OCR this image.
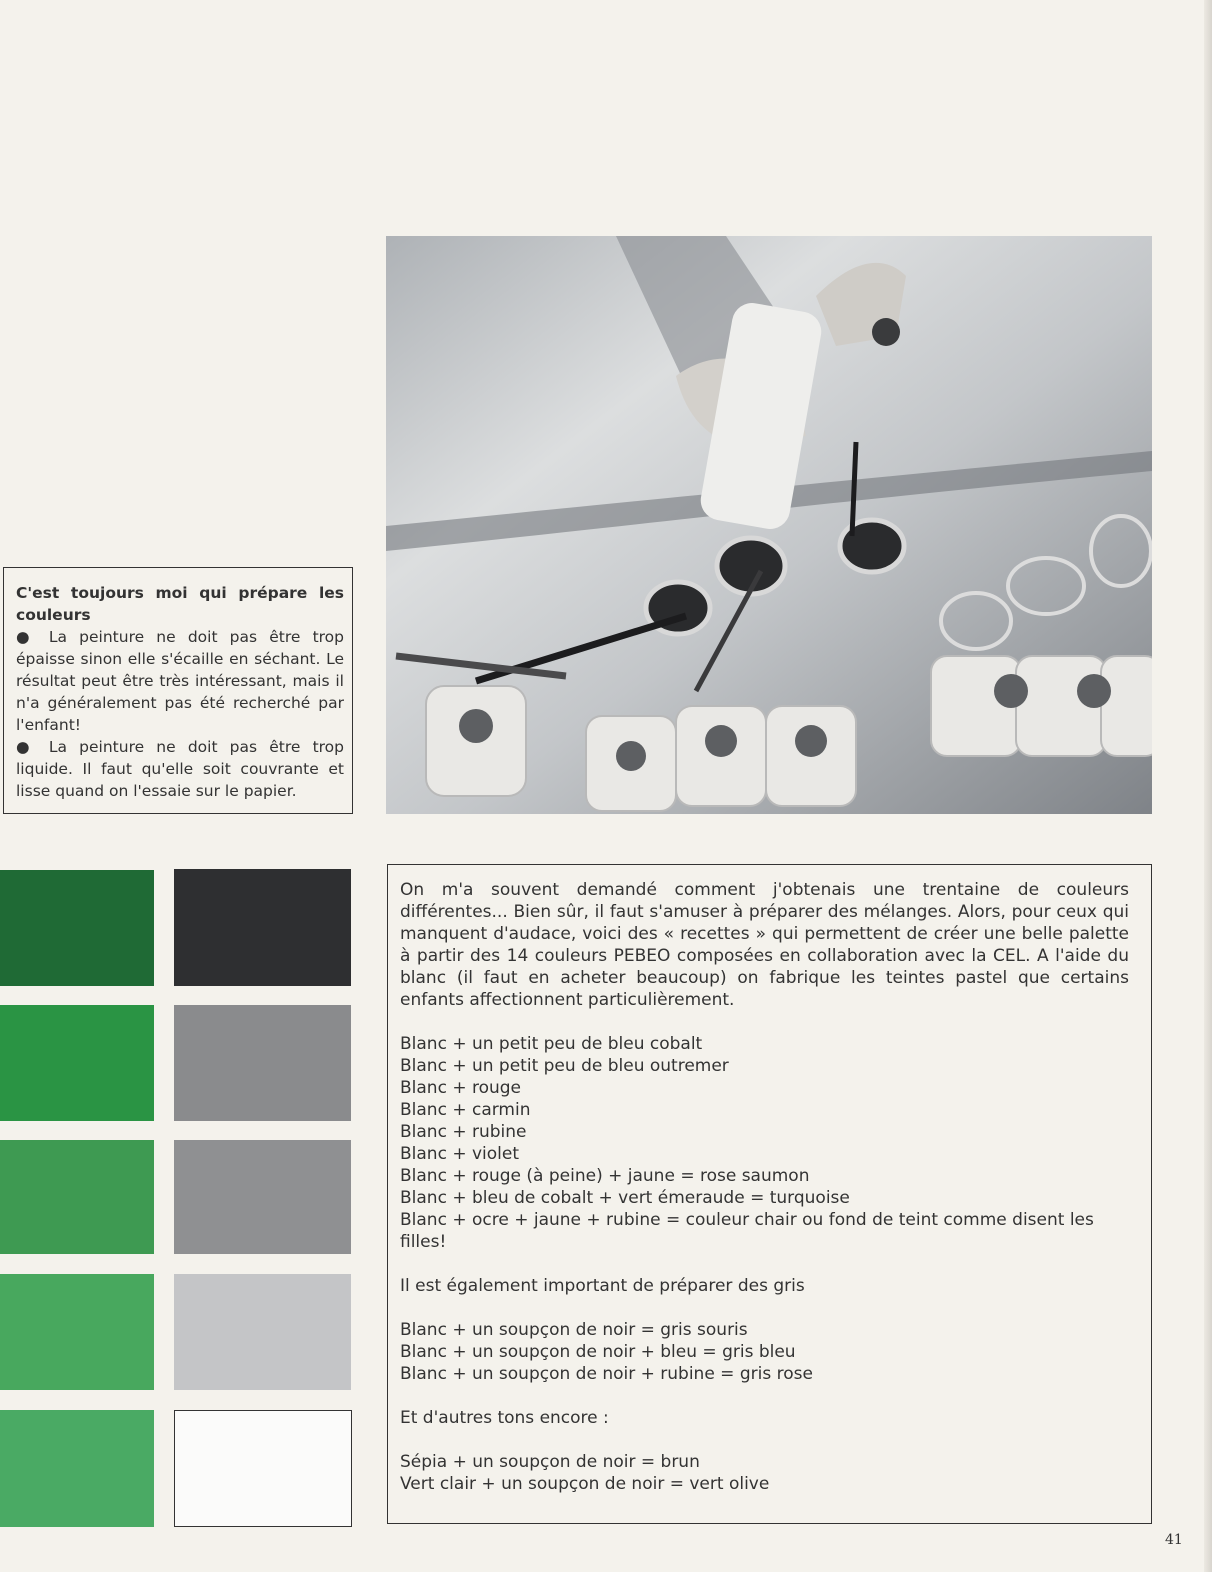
C'est toujours moi qui prépare les couleurs

● La peinture ne doit pas être trop épaisse sinon elle s'écaille en séchant. Le résultat peut être très intéressant, mais il n'a généralement pas été recherché par l'enfant!

● La peinture ne doit pas être trop liquide. Il faut qu'elle soit couvrante et lisse quand on l'essaie sur le papier.

On m'a souvent demandé comment j'obtenais une trentaine de couleurs différentes... Bien sûr, il faut s'amuser à préparer des mélanges. Alors, pour ceux qui manquent d'audace, voici des « recettes » qui permettent de créer une belle palette à partir des 14 couleurs PEBEO composées en collaboration avec la CEL. A l'aide du blanc (il faut en acheter beaucoup) on fabrique les teintes pastel que certains enfants affectionnent particulièrement.

Blanc + un petit peu de bleu cobalt

Blanc + un petit peu de bleu outremer

Blanc + rouge

Blanc + carmin

Blanc + rubine

Blanc + violet

Blanc + rouge (à peine) + jaune = rose saumon

Blanc + bleu de cobalt + vert émeraude = turquoise

Blanc + ocre + jaune + rubine = couleur chair ou fond de teint comme disent les filles!

Il est également important de préparer des gris

Blanc + un soupçon de noir = gris souris

Blanc + un soupçon de noir + bleu = gris bleu

Blanc + un soupçon de noir + rubine = gris rose

Et d'autres tons encore :

Sépia + un soupçon de noir = brun

Vert clair + un soupçon de noir = vert olive

41
